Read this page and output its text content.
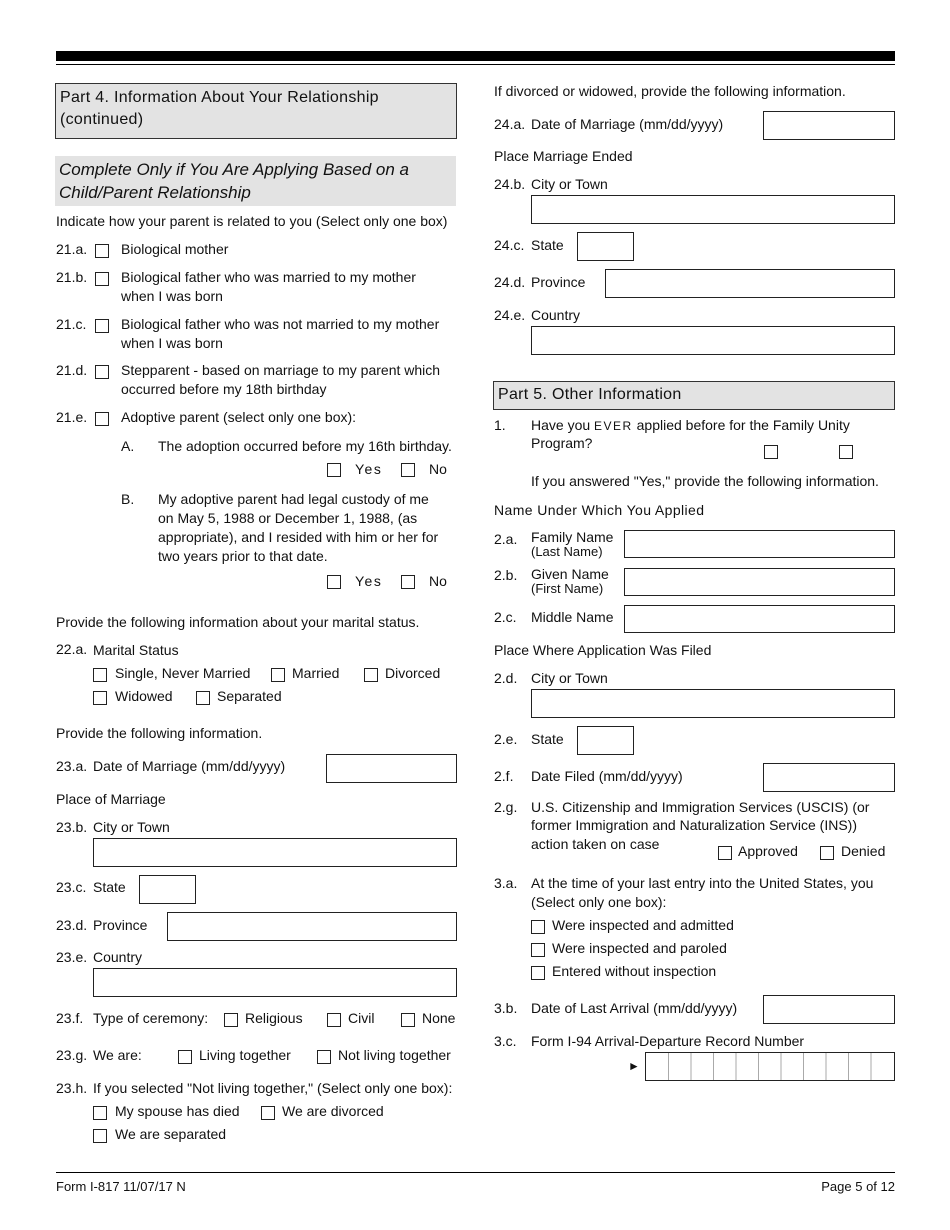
Part 4. Information About Your Relationship
(continued)
Complete Only if You Are Applying Based on a
Child/Parent Relationship
Indicate how your parent is related to you (Select only one box)
21.a. Biological mother
21.b. Biological father who was married to my mother
when I was born
21.c. Biological father who was not married to my mother
when I was born
21.d. Stepparent - based on marriage to my parent which
occurred before my 18th birthday
21.e. Adoptive parent (select only one box):
A. The adoption occurred before my 16th birthday.
Yes	No
B. My adoptive parent had legal custody of me
on May 5, 1988 or December 1, 1988, (as
appropriate), and I resided with him or her for
two years prior to that date.
Yes	No
Provide the following information about your marital status.
22.a. Marital Status
Single, Never Married	Married	Divorced
Widowed	Separated
Provide the following information.
23.a. Date of Marriage (mm/dd/yyyy)
Place of Marriage
23.b. City or Town
23.c. State
23.d. Province
23.e. Country
23.f. Type of ceremony:	Religious	Civil	None
23.g. We are:	Living together	Not living together
23.h. If you selected "Not living together," (Select only one box):
My spouse has died	We are divorced
We are separated
If divorced or widowed, provide the following information.
24.a. Date of Marriage (mm/dd/yyyy)
Place Marriage Ended
24.b. City or Town
24.c. State
24.d. Province
24.e. Country
Part 5. Other Information
1. Have you EVER applied before for the Family Unity
Program?
If you answered "Yes," provide the following information.
Name Under Which You Applied
2.a. Family Name
(Last Name)
2.b. Given Name
(First Name)
2.c. Middle Name
Place Where Application Was Filed
2.d. City or Town
2.e. State
2.f. Date Filed (mm/dd/yyyy)
2.g. U.S. Citizenship and Immigration Services (USCIS) (or
former Immigration and Naturalization Service (INS))
action taken on case	Approved	Denied
3.a. At the time of your last entry into the United States, you
(Select only one box):
Were inspected and admitted
Were inspected and paroled
Entered without inspection
3.b. Date of Last Arrival (mm/dd/yyyy)
3.c. Form I-94 Arrival-Departure Record Number
►
Form I-817 11/07/17 N	Page 5 of 12
